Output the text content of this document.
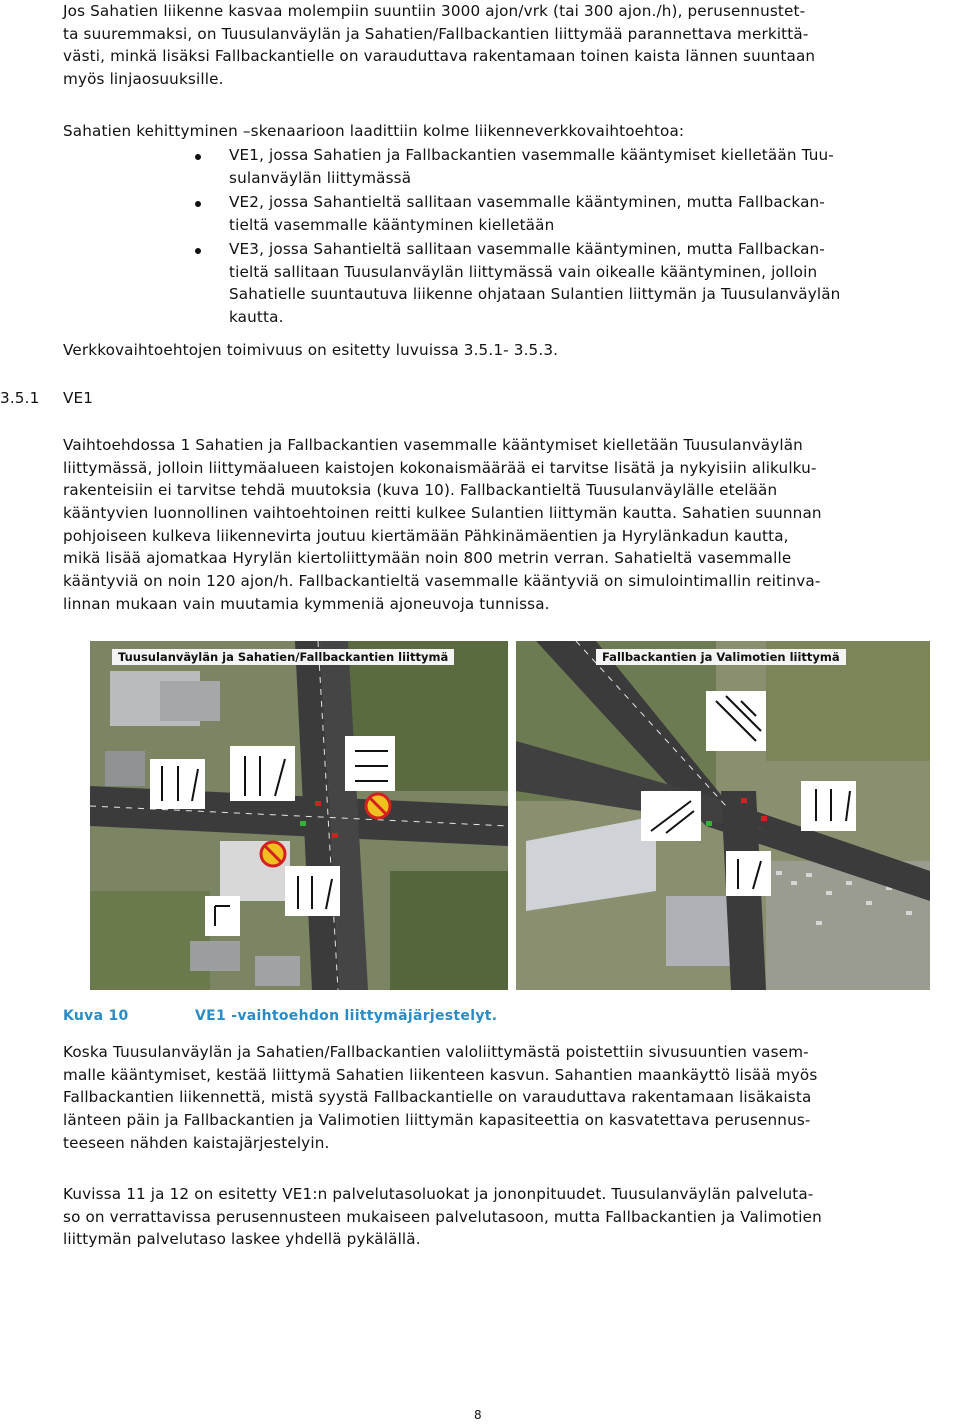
Jos Sahatien liikenne kasvaa molempiin suuntiin 3000 ajon/vrk (tai 300 ajon./h), perusennustet-
ta suuremmaksi, on Tuusulanväylän ja Sahatien/Fallbackantien liittymää parannettava merkittä-
västi, minkä lisäksi Fallbackantielle on varauduttava rakentamaan toinen kaista lännen suuntaan
myös linjaosuuksille.
Sahatien kehittyminen –skenaarioon laadittiin kolme liikenneverkkovaihtoehtoa:
VE1, jossa Sahatien ja Fallbackantien vasemmalle kääntymiset kielletään Tuu-
sulanväylän liittymässä
VE2, jossa Sahantieltä sallitaan vasemmalle kääntyminen, mutta Fallbackan-
tieltä vasemmalle kääntyminen kielletään
VE3, jossa Sahantieltä sallitaan vasemmalle kääntyminen, mutta Fallbackan-
tieltä sallitaan Tuusulanväylän liittymässä vain oikealle kääntyminen, jolloin
Sahatielle suuntautuva liikenne ohjataan Sulantien liittymän ja Tuusulanväylän
kautta.
Verkkovaihtoehtojen toimivuus on esitetty luvuissa 3.5.1- 3.5.3.
3.5.1 VE1
Vaihtoehdossa 1 Sahatien ja Fallbackantien vasemmalle kääntymiset kielletään Tuusulanväylän
liittymässä, jolloin liittymäalueen kaistojen kokonaismäärää ei tarvitse lisätä ja nykyisiin alikulku-
rakenteisiin ei tarvitse tehdä muutoksia (kuva 10). Fallbackantieltä Tuusulanväylälle etelään
kääntyvien luonnollinen vaihtoehtoinen reitti kulkee Sulantien liittymän kautta. Sahatien suunnan
pohjoiseen kulkeva liikennevirta joutuu kiertämään Pähkinämäentien ja Hyrylänkadun kautta,
mikä lisää ajomatkaa Hyrylän kiertoliittymään noin 800 metrin verran. Sahatieltä vasemmalle
kääntyviä on noin 120 ajon/h. Fallbackantieltä vasemmalle kääntyviä on simulointimallin reitinva-
linnan mukaan vain muutamia kymmeniä ajoneuvoja tunnissa.
Tuusulanväylän ja Sahatien/Fallbackantien liittymä	Fallbackantien ja Valimotien liittymä
Kuva 10	VE1 -vaihtoehdon liittymäjärjestelyt.
Koska Tuusulanväylän ja Sahatien/Fallbackantien valoliittymästä poistettiin sivusuuntien vasem-
malle kääntymiset, kestää liittymä Sahatien liikenteen kasvun. Sahantien maankäyttö lisää myös
Fallbackantien liikennettä, mistä syystä Fallbackantielle on varauduttava rakentamaan lisäkaista
länteen päin ja Fallbackantien ja Valimotien liittymän kapasiteettia on kasvatettava perusennus-
teeseen nähden kaistajärjestelyin.
Kuvissa 11 ja 12 on esitetty VE1:n palvelutasoluokat ja jononpituudet. Tuusulanväylän palveluta-
so on verrattavissa perusennusteen mukaiseen palvelutasoon, mutta Fallbackantien ja Valimotien
liittymän palvelutaso laskee yhdellä pykälällä.
8
